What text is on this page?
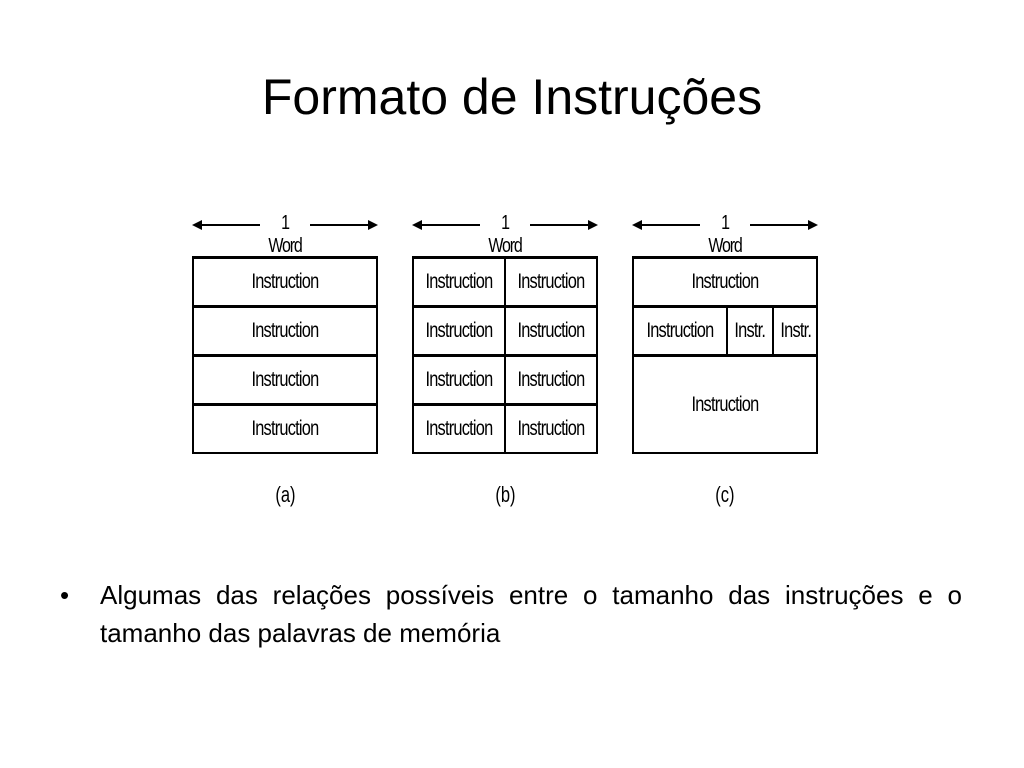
Formato de Instruções
1 Word
Instruction
Instruction
Instruction
Instruction
(a)
1 Word
Instruction Instruction
Instruction Instruction
Instruction Instruction
Instruction Instruction
(b)
1 Word
Instruction
Instruction Instr. Instr.
Instruction
(c)
• Algumas das relações possíveis entre o tamanho das instruções e o tamanho das palavras de memória
